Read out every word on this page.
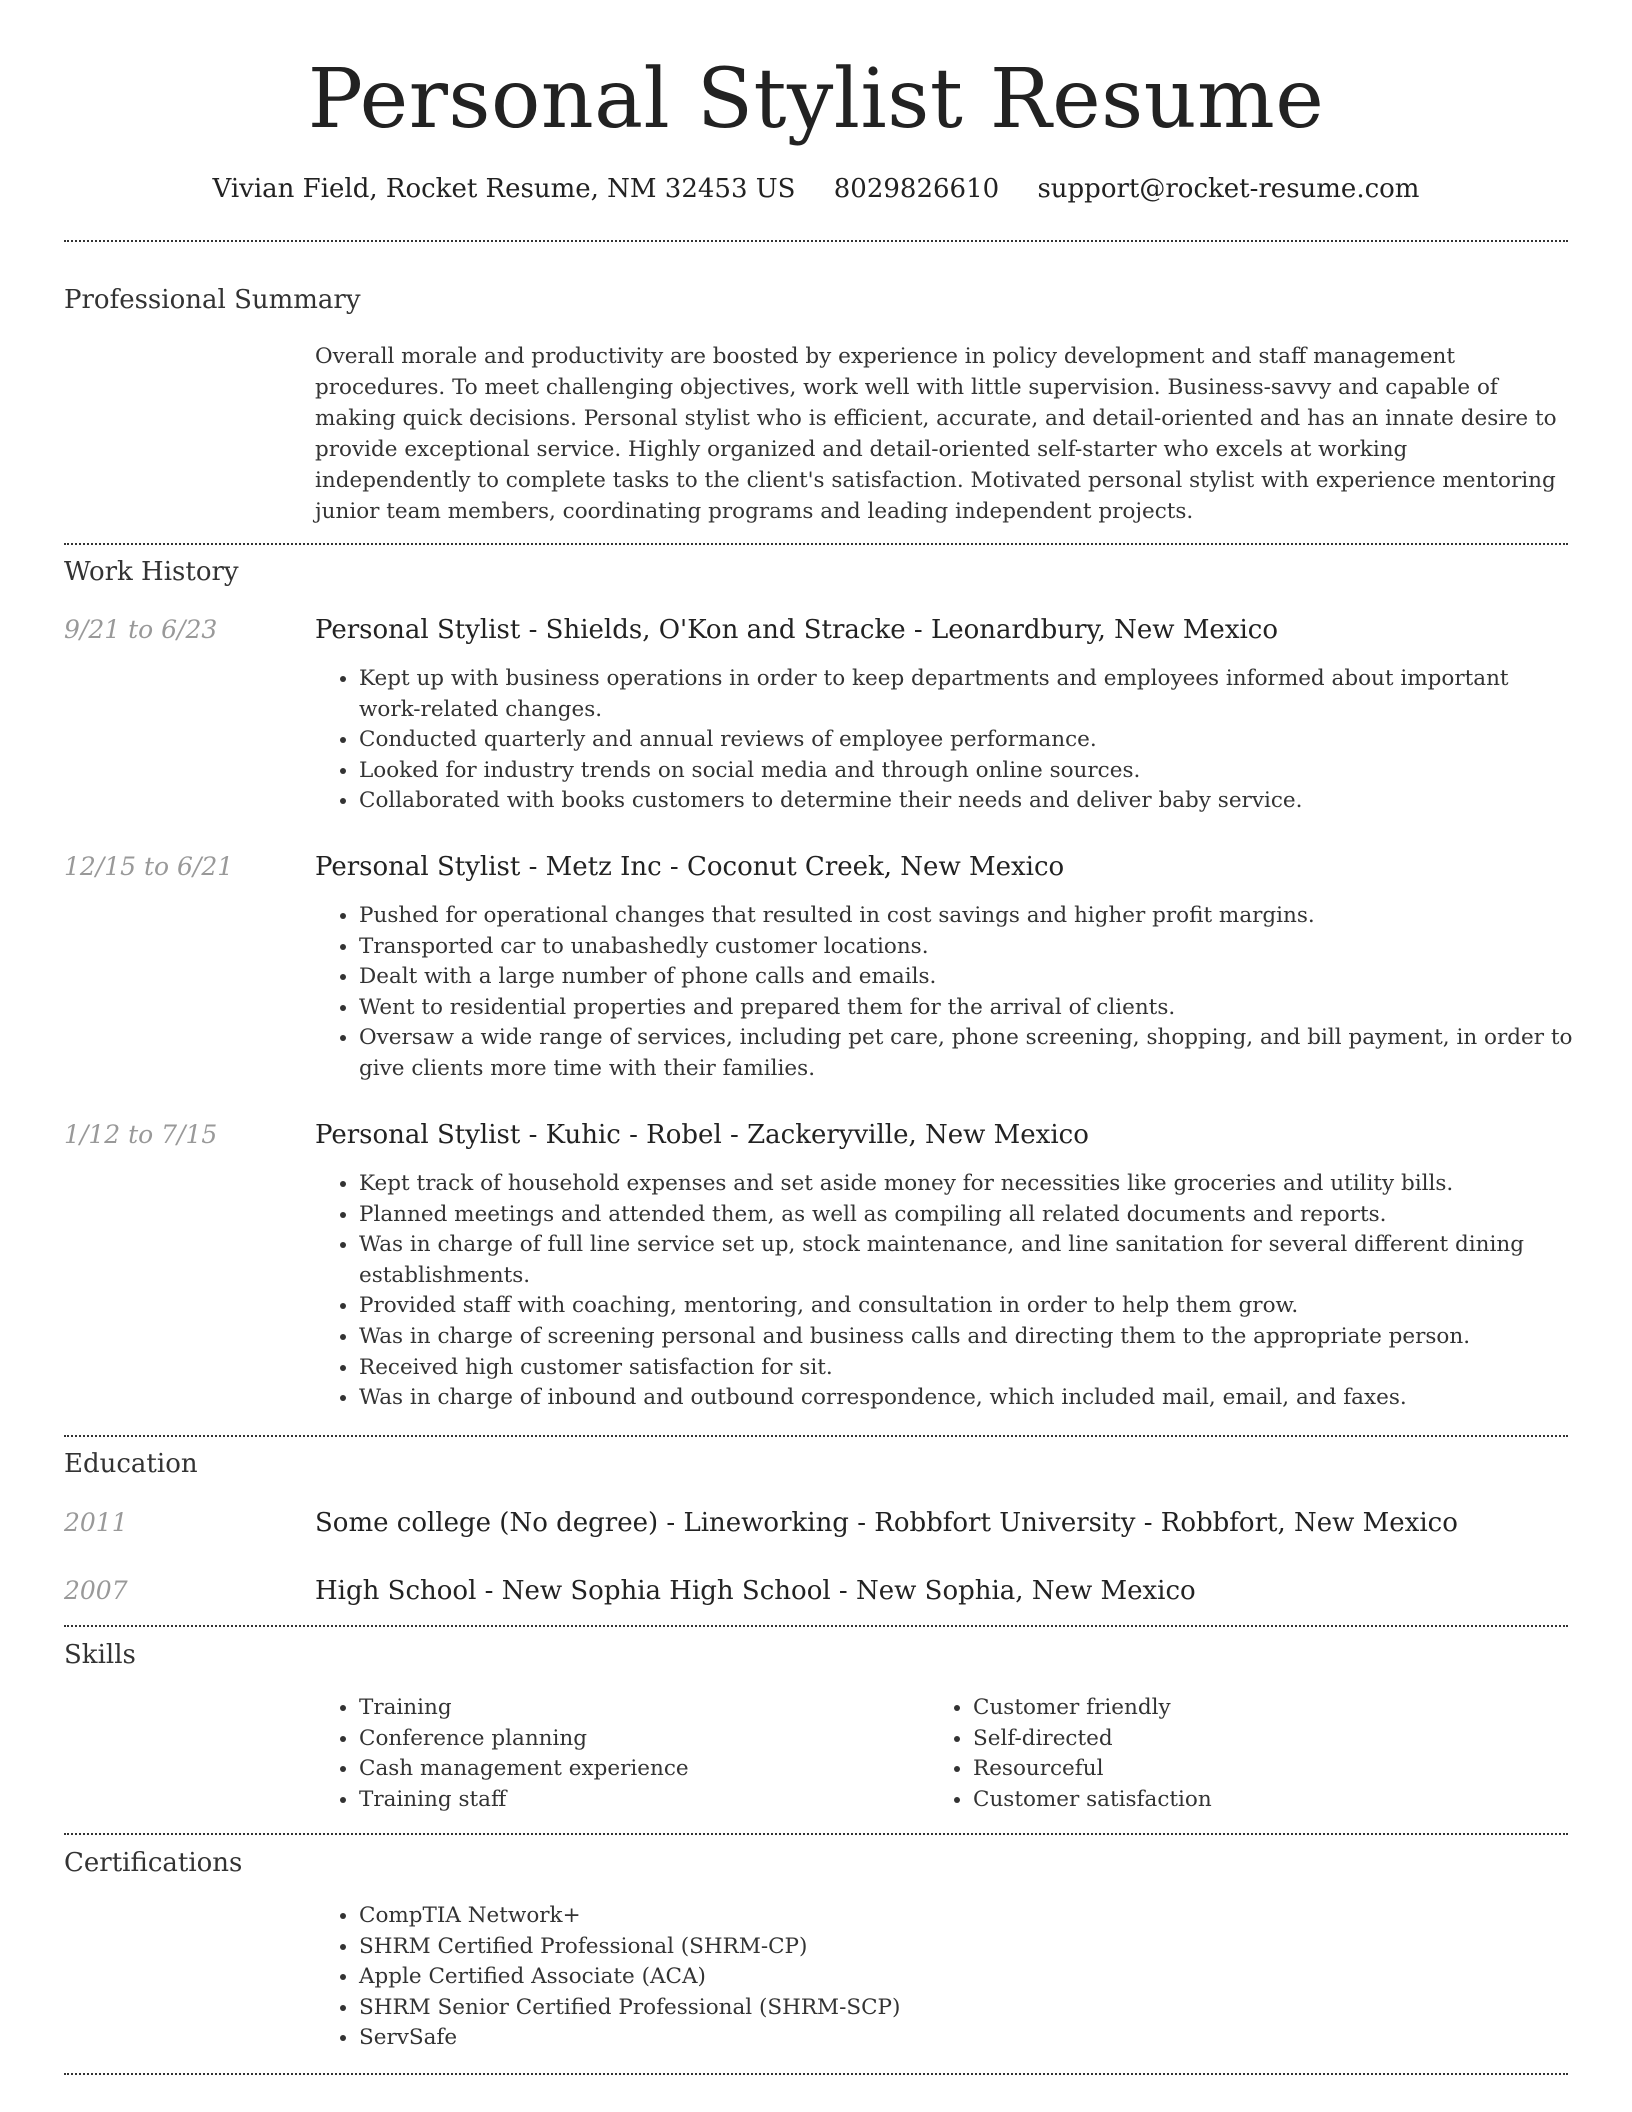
Personal Stylist Resume
Vivian Field, Rocket Resume, NM 32453 US 8029826610 support@rocket-resume.com
Professional Summary
Overall morale and productivity are boosted by experience in policy development and staff management procedures. To meet challenging objectives, work well with little supervision. Business-savvy and capable of making quick decisions. Personal stylist who is efficient, accurate, and detail-oriented and has an innate desire to provide exceptional service. Highly organized and detail-oriented self-starter who excels at working independently to complete tasks to the client's satisfaction. Motivated personal stylist with experience mentoring junior team members, coordinating programs and leading independent projects.
Work History
9/21 to 6/23	Personal Stylist - Shields, O'Kon and Stracke - Leonardbury, New Mexico
• Kept up with business operations in order to keep departments and employees informed about important work-related changes.
• Conducted quarterly and annual reviews of employee performance.
• Looked for industry trends on social media and through online sources.
• Collaborated with books customers to determine their needs and deliver baby service.
12/15 to 6/21	Personal Stylist - Metz Inc - Coconut Creek, New Mexico
• Pushed for operational changes that resulted in cost savings and higher profit margins.
• Transported car to unabashedly customer locations.
• Dealt with a large number of phone calls and emails.
• Went to residential properties and prepared them for the arrival of clients.
• Oversaw a wide range of services, including pet care, phone screening, shopping, and bill payment, in order to give clients more time with their families.
1/12 to 7/15	Personal Stylist - Kuhic - Robel - Zackeryville, New Mexico
• Kept track of household expenses and set aside money for necessities like groceries and utility bills.
• Planned meetings and attended them, as well as compiling all related documents and reports.
• Was in charge of full line service set up, stock maintenance, and line sanitation for several different dining establishments.
• Provided staff with coaching, mentoring, and consultation in order to help them grow.
• Was in charge of screening personal and business calls and directing them to the appropriate person.
• Received high customer satisfaction for sit.
• Was in charge of inbound and outbound correspondence, which included mail, email, and faxes.
Education
2011	Some college (No degree) - Lineworking - Robbfort University - Robbfort, New Mexico
2007	High School - New Sophia High School - New Sophia, New Mexico
Skills
• Training
• Conference planning
• Cash management experience
• Training staff
• Customer friendly
• Self-directed
• Resourceful
• Customer satisfaction
Certifications
• CompTIA Network+
• SHRM Certified Professional (SHRM-CP)
• Apple Certified Associate (ACA)
• SHRM Senior Certified Professional (SHRM-SCP)
• ServSafe
